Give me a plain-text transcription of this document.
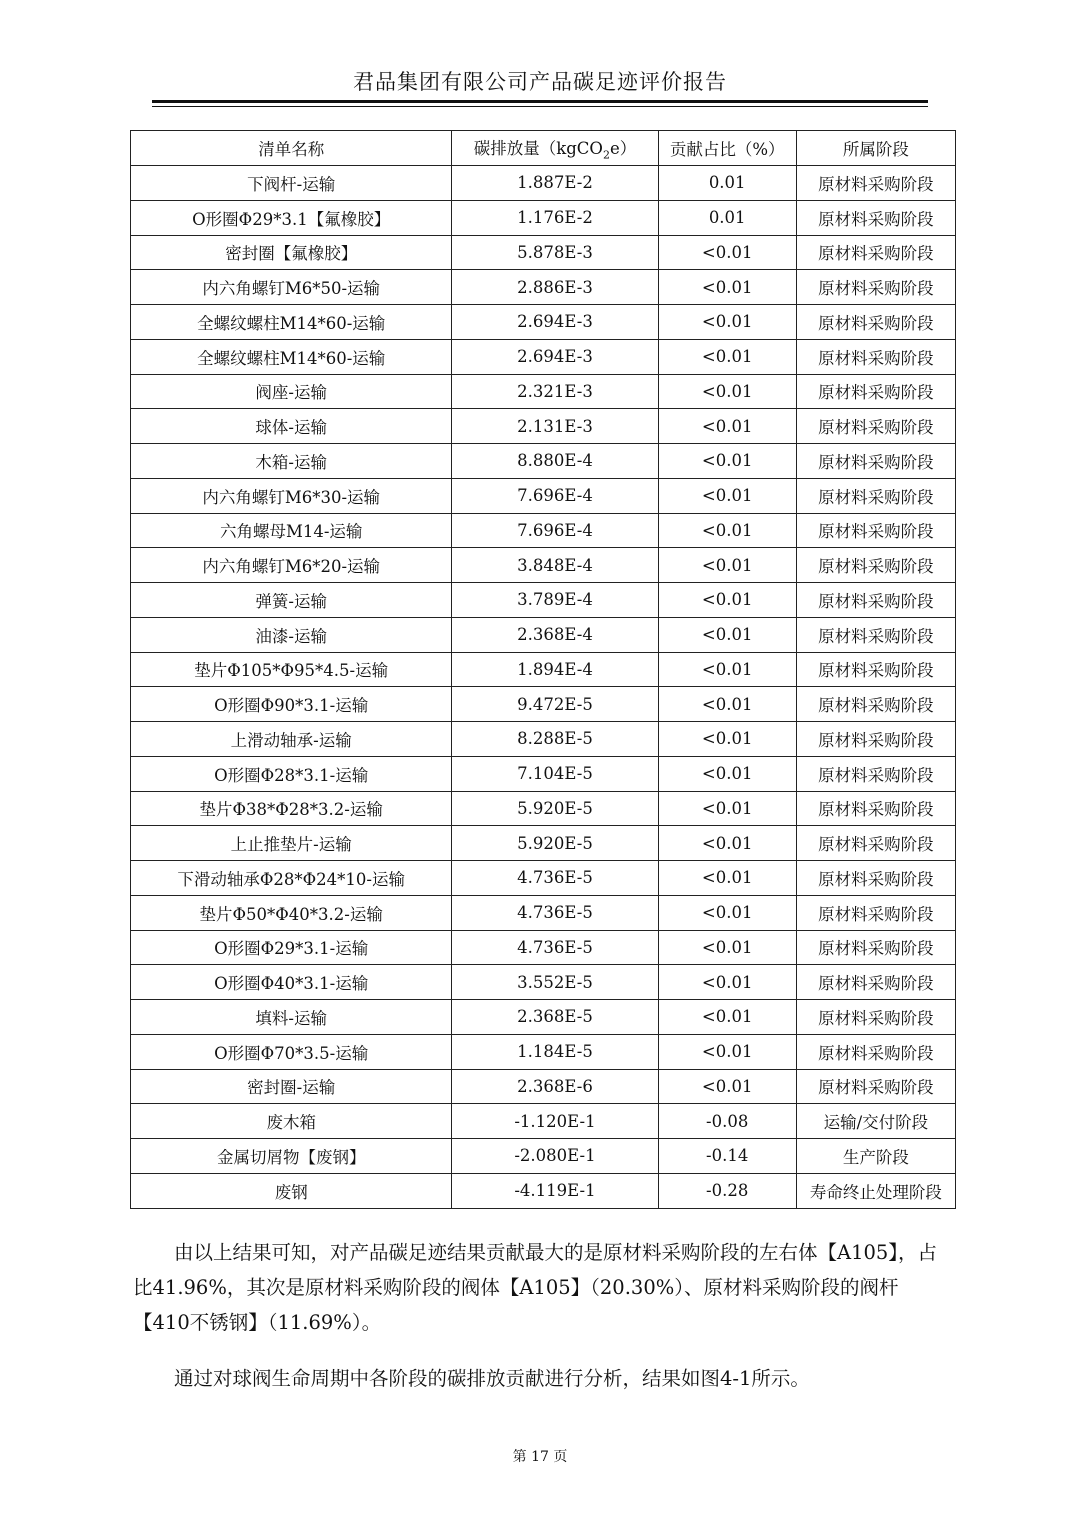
君品集团有限公司产品碳足迹评价报告
清单名称	碳排放量（kgCO$_2$e）	贡献占比（%）	所属阶段
下阀杆-运输	1.887E-2	0.01	原材料采购阶段
O形圈Φ29*3.1【氟橡胶】	1.176E-2	0.01	原材料采购阶段
密封圈【氟橡胶】	5.878E-3	<0.01	原材料采购阶段
内六角螺钉M6*50-运输	2.886E-3	<0.01	原材料采购阶段
全螺纹螺柱M14*60-运输	2.694E-3	<0.01	原材料采购阶段
全螺纹螺柱M14*60-运输	2.694E-3	<0.01	原材料采购阶段
阀座-运输	2.321E-3	<0.01	原材料采购阶段
球体-运输	2.131E-3	<0.01	原材料采购阶段
木箱-运输	8.880E-4	<0.01	原材料采购阶段
内六角螺钉M6*30-运输	7.696E-4	<0.01	原材料采购阶段
六角螺母M14-运输	7.696E-4	<0.01	原材料采购阶段
内六角螺钉M6*20-运输	3.848E-4	<0.01	原材料采购阶段
弹簧-运输	3.789E-4	<0.01	原材料采购阶段
油漆-运输	2.368E-4	<0.01	原材料采购阶段
垫片Φ105*Φ95*4.5-运输	1.894E-4	<0.01	原材料采购阶段
O形圈Φ90*3.1-运输	9.472E-5	<0.01	原材料采购阶段
上滑动轴承-运输	8.288E-5	<0.01	原材料采购阶段
O形圈Φ28*3.1-运输	7.104E-5	<0.01	原材料采购阶段
垫片Φ38*Φ28*3.2-运输	5.920E-5	<0.01	原材料采购阶段
上止推垫片-运输	5.920E-5	<0.01	原材料采购阶段
下滑动轴承Φ28*Φ24*10-运输	4.736E-5	<0.01	原材料采购阶段
垫片Φ50*Φ40*3.2-运输	4.736E-5	<0.01	原材料采购阶段
O形圈Φ29*3.1-运输	4.736E-5	<0.01	原材料采购阶段
O形圈Φ40*3.1-运输	3.552E-5	<0.01	原材料采购阶段
填料-运输	2.368E-5	<0.01	原材料采购阶段
O形圈Φ70*3.5-运输	1.184E-5	<0.01	原材料采购阶段
密封圈-运输	2.368E-6	<0.01	原材料采购阶段
废木箱	-1.120E-1	-0.08	运输/交付阶段
金属切屑物【废钢】	-2.080E-1	-0.14	生产阶段
废钢	-4.119E-1	-0.28	寿命终止处理阶段
由以上结果可知，对产品碳足迹结果贡献最大的是原材料采购阶段的左右体【A105】，占比41.96%，其次是原材料采购阶段的阀体【A105】（20.30%）、原材料采购阶段的阀杆【410不锈钢】（11.69%）。
通过对球阀生命周期中各阶段的碳排放贡献进行分析，结果如图4-1所示。
第 17 页
